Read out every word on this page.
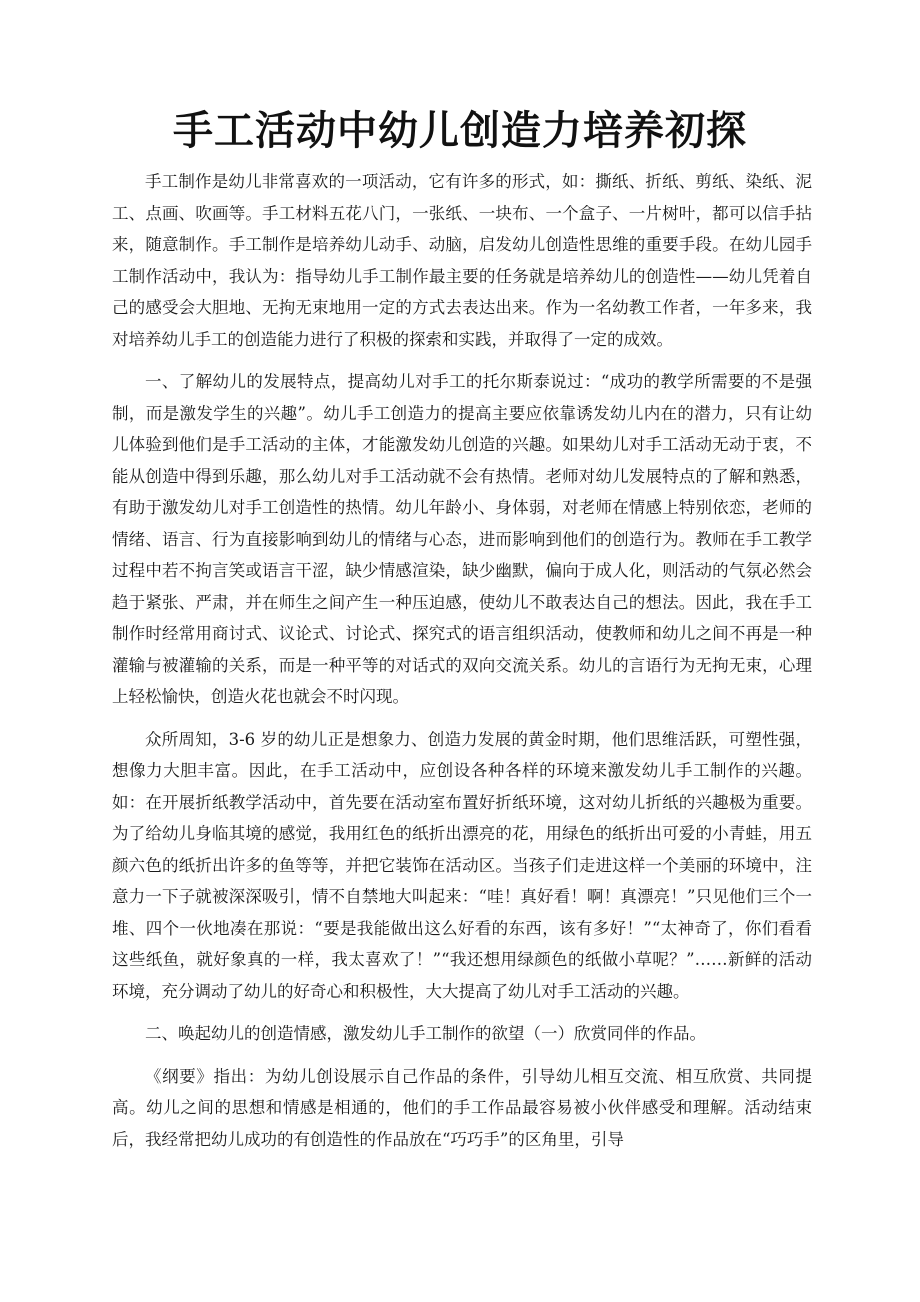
手工活动中幼儿创造力培养初探

手工制作是幼儿非常喜欢的一项活动，它有许多的形式，如：撕纸、折纸、剪纸、染纸、泥工、点画、吹画等。手工材料五花八门，一张纸、一块布、一个盒子、一片树叶，都可以信手拈来，随意制作。手工制作是培养幼儿动手、动脑，启发幼儿创造性思维的重要手段。在幼儿园手工制作活动中，我认为：指导幼儿手工制作最主要的任务就是培养幼儿的创造性——幼儿凭着自己的感受会大胆地、无拘无束地用一定的方式去表达出来。作为一名幼教工作者，一年多来，我对培养幼儿手工的创造能力进行了积极的探索和实践，并取得了一定的成效。

一、了解幼儿的发展特点，提高幼儿对手工的托尔斯泰说过：“成功的教学所需要的不是强制，而是激发学生的兴趣”。幼儿手工创造力的提高主要应依靠诱发幼儿内在的潜力，只有让幼儿体验到他们是手工活动的主体，才能激发幼儿创造的兴趣。如果幼儿对手工活动无动于衷，不能从创造中得到乐趣，那么幼儿对手工活动就不会有热情。老师对幼儿发展特点的了解和熟悉，有助于激发幼儿对手工创造性的热情。幼儿年龄小、身体弱，对老师在情感上特别依恋，老师的情绪、语言、行为直接影响到幼儿的情绪与心态，进而影响到他们的创造行为。教师在手工教学过程中若不拘言笑或语言干涩，缺少情感渲染，缺少幽默，偏向于成人化，则活动的气氛必然会趋于紧张、严肃，并在师生之间产生一种压迫感，使幼儿不敢表达自己的想法。因此，我在手工制作时经常用商讨式、议论式、讨论式、探究式的语言组织活动，使教师和幼儿之间不再是一种灌输与被灌输的关系，而是一种平等的对话式的双向交流关系。幼儿的言语行为无拘无束，心理上轻松愉快，创造火花也就会不时闪现。

众所周知，3-6 岁的幼儿正是想象力、创造力发展的黄金时期，他们思维活跃，可塑性强，想像力大胆丰富。因此，在手工活动中，应创设各种各样的环境来激发幼儿手工制作的兴趣。如：在开展折纸教学活动中，首先要在活动室布置好折纸环境，这对幼儿折纸的兴趣极为重要。为了给幼儿身临其境的感觉，我用红色的纸折出漂亮的花，用绿色的纸折出可爱的小青蛙，用五颜六色的纸折出许多的鱼等等，并把它装饰在活动区。当孩子们走进这样一个美丽的环境中，注意力一下子就被深深吸引，情不自禁地大叫起来：“哇！真好看！啊！真漂亮！”只见他们三个一堆、四个一伙地凑在那说：“要是我能做出这么好看的东西，该有多好！”“太神奇了，你们看看这些纸鱼，就好象真的一样，我太喜欢了！”“我还想用绿颜色的纸做小草呢？”……新鲜的活动环境，充分调动了幼儿的好奇心和积极性，大大提高了幼儿对手工活动的兴趣。

二、唤起幼儿的创造情感，激发幼儿手工制作的欲望（一）欣赏同伴的作品。

《纲要》指出：为幼儿创设展示自己作品的条件，引导幼儿相互交流、相互欣赏、共同提高。幼儿之间的思想和情感是相通的，他们的手工作品最容易被小伙伴感受和理解。活动结束后，我经常把幼儿成功的有创造性的作品放在“巧巧手”的区角里，引导
